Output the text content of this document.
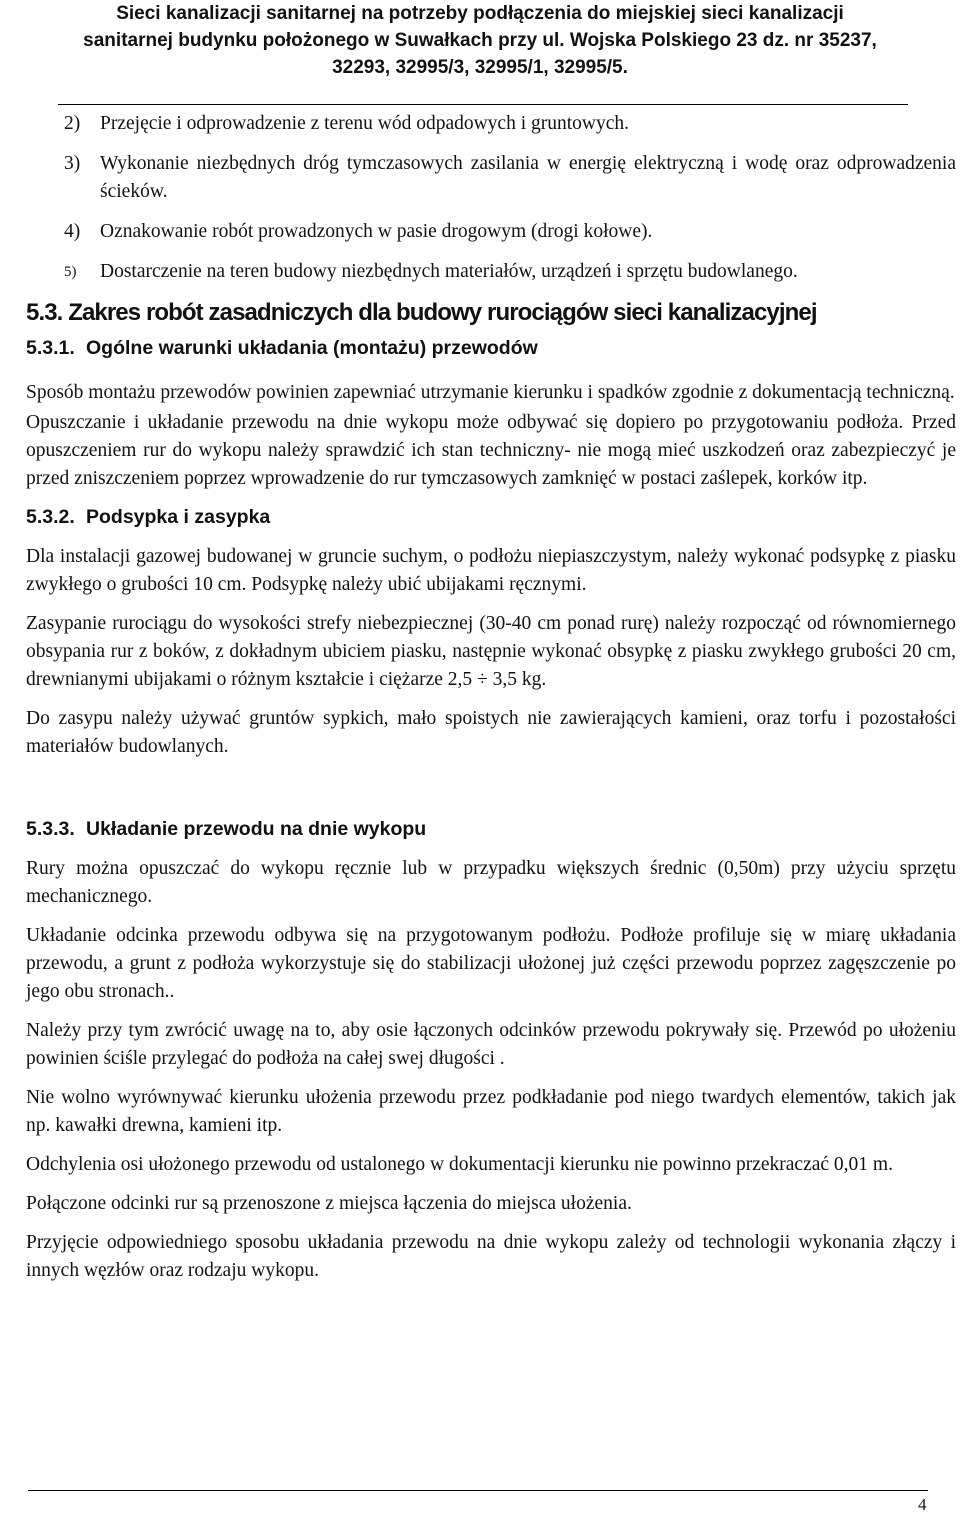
Sieci kanalizacji sanitarnej na potrzeby podłączenia do miejskiej sieci kanalizacji
sanitarnej budynku położonego w Suwałkach przy ul. Wojska Polskiego 23 dz. nr 35237,
32293, 32995/3, 32995/1, 32995/5.
2) Przejęcie i odprowadzenie z terenu wód odpadowych i gruntowych.
3) Wykonanie niezbędnych dróg tymczasowych zasilania w energię elektryczną i wodę oraz odprowadzenia ścieków.
4) Oznakowanie robót prowadzonych w pasie drogowym (drogi kołowe).
5) Dostarczenie na teren budowy niezbędnych materiałów, urządzeń i sprzętu budowlanego.
5.3. Zakres robót zasadniczych dla budowy rurociągów sieci kanalizacyjnej
5.3.1. Ogólne warunki układania (montażu) przewodów

Sposób montażu przewodów powinien zapewniać utrzymanie kierunku i spadków zgodnie z dokumentacją techniczną.

Opuszczanie i układanie przewodu na dnie wykopu może odbywać się dopiero po przygotowaniu podłoża. Przed opuszczeniem rur do wykopu należy sprawdzić ich stan techniczny- nie mogą mieć uszkodzeń oraz zabezpieczyć je przed zniszczeniem poprzez wprowadzenie do rur tymczasowych zamknięć w postaci zaślepek, korków itp.

5.3.2. Podsypka i zasypka

Dla instalacji gazowej budowanej w gruncie suchym, o podłożu niepiaszczystym, należy wykonać podsypkę z piasku zwykłego o grubości 10 cm. Podsypkę należy ubić ubijakami ręcznymi.

Zasypanie rurociągu do wysokości strefy niebezpiecznej (30-40 cm ponad rurę) należy rozpocząć od równomiernego obsypania rur z boków, z dokładnym ubiciem piasku, następnie wykonać obsypkę z piasku zwykłego grubości 20 cm, drewnianymi ubijakami o różnym kształcie i ciężarze 2,5 ÷ 3,5 kg.

Do zasypu należy używać gruntów sypkich, mało spoistych nie zawierających kamieni, oraz torfu i pozostałości materiałów budowlanych.

5.3.3. Układanie przewodu na dnie wykopu

Rury można opuszczać do wykopu ręcznie lub w przypadku większych średnic (0,50m) przy użyciu sprzętu mechanicznego.

Układanie odcinka przewodu odbywa się na przygotowanym podłożu. Podłoże profiluje się w miarę układania przewodu, a grunt z podłoża wykorzystuje się do stabilizacji ułożonej już części przewodu poprzez zagęszczenie po jego obu stronach..

Należy przy tym zwrócić uwagę na to, aby osie łączonych odcinków przewodu pokrywały się. Przewód po ułożeniu powinien ściśle przylegać do podłoża na całej swej długości .

Nie wolno wyrównywać kierunku ułożenia przewodu przez podkładanie pod niego twardych elementów, takich jak np. kawałki drewna, kamieni itp.

Odchylenia osi ułożonego przewodu od ustalonego w dokumentacji kierunku nie powinno przekraczać 0,01 m.

Połączone odcinki rur są przenoszone z miejsca łączenia do miejsca ułożenia.

Przyjęcie odpowiedniego sposobu układania przewodu na dnie wykopu zależy od technologii wykonania złączy i innych węzłów oraz rodzaju wykopu.

4
